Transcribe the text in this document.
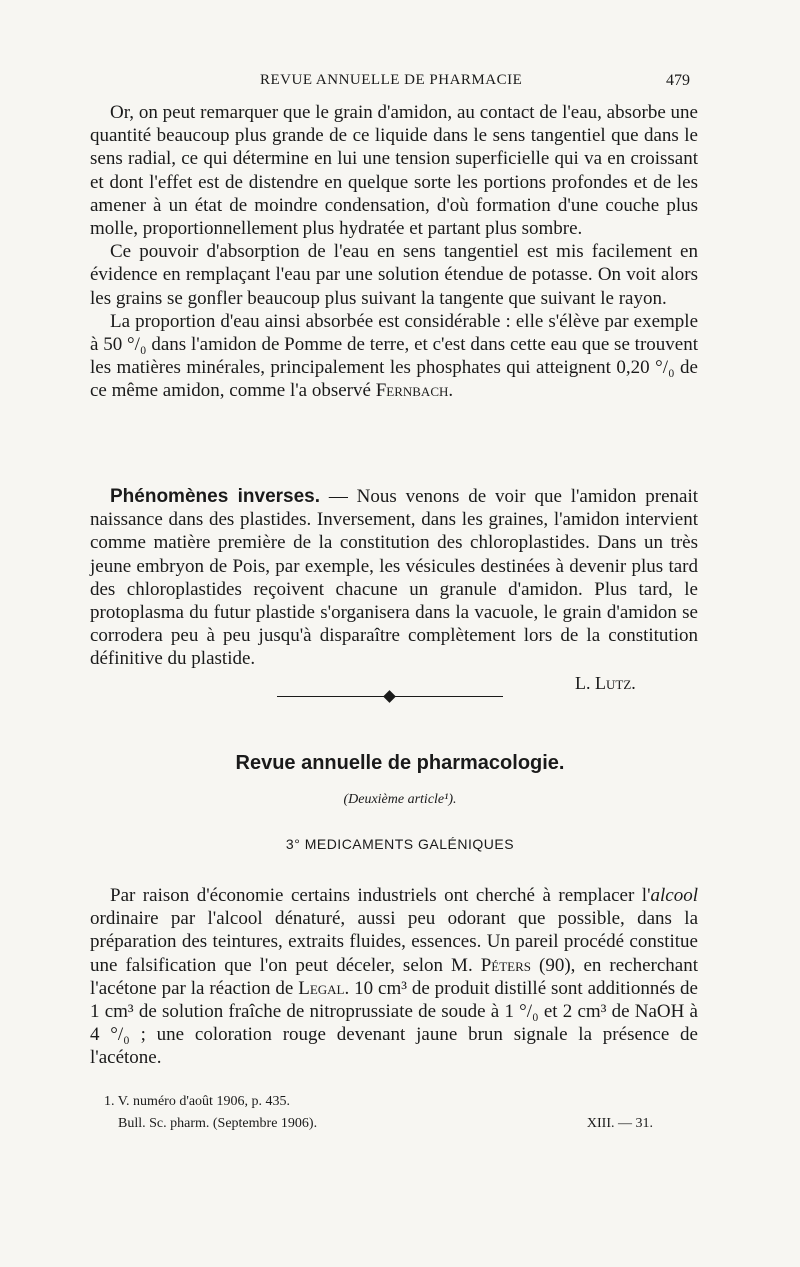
REVUE ANNUELLE DE PHARMACIE	479

Or, on peut remarquer que le grain d'amidon, au contact de l'eau, absorbe une quantité beaucoup plus grande de ce liquide dans le sens tangentiel que dans le sens radial, ce qui détermine en lui une tension superficielle qui va en croissant et dont l'effet est de distendre en quelque sorte les portions profondes et de les amener à un état de moindre condensation, d'où formation d'une couche plus molle, proportionnellement plus hydratée et partant plus sombre.

Ce pouvoir d'absorption de l'eau en sens tangentiel est mis facilement en évidence en remplaçant l'eau par une solution étendue de potasse. On voit alors les grains se gonfler beaucoup plus suivant la tangente que suivant le rayon.

La proportion d'eau ainsi absorbée est considérable : elle s'élève par exemple à 50 °/₀ dans l'amidon de Pomme de terre, et c'est dans cette eau que se trouvent les matières minérales, principalement les phosphates qui atteignent 0,20 °/₀ de ce même amidon, comme l'a observé Fernbach.

Phénomènes inverses. — Nous venons de voir que l'amidon prenait naissance dans des plastides. Inversement, dans les graines, l'amidon intervient comme matière première de la constitution des chloroplastides. Dans un très jeune embryon de Pois, par exemple, les vésicules destinées à devenir plus tard des chloroplastides reçoivent chacune un granule d'amidon. Plus tard, le protoplasma du futur plastide s'organisera dans la vacuole, le grain d'amidon se corrodera peu à peu jusqu'à disparaître complètement lors de la constitution définitive du plastide.

L. Lutz.
Revue annuelle de pharmacologie.
(Deuxième article¹).
3° MEDICAMENTS GALÉNIQUES

Par raison d'économie certains industriels ont cherché à remplacer l'alcool ordinaire par l'alcool dénaturé, aussi peu odorant que possible, dans la préparation des teintures, extraits fluides, essences. Un pareil procédé constitue une falsification que l'on peut déceler, selon M. Péters (90), en recherchant l'acétone par la réaction de Legal. 10 cm³ de produit distillé sont additionnés de 1 cm³ de solution fraîche de nitroprussiate de soude à 1 °/₀ et 2 cm³ de NaOH à 4 °/₀ ; une coloration rouge devenant jaune brun signale la présence de l'acétone.

1. V. numéro d'août 1906, p. 435.
Bull. Sc. pharm. (Septembre 1906).	XIII. — 31.
